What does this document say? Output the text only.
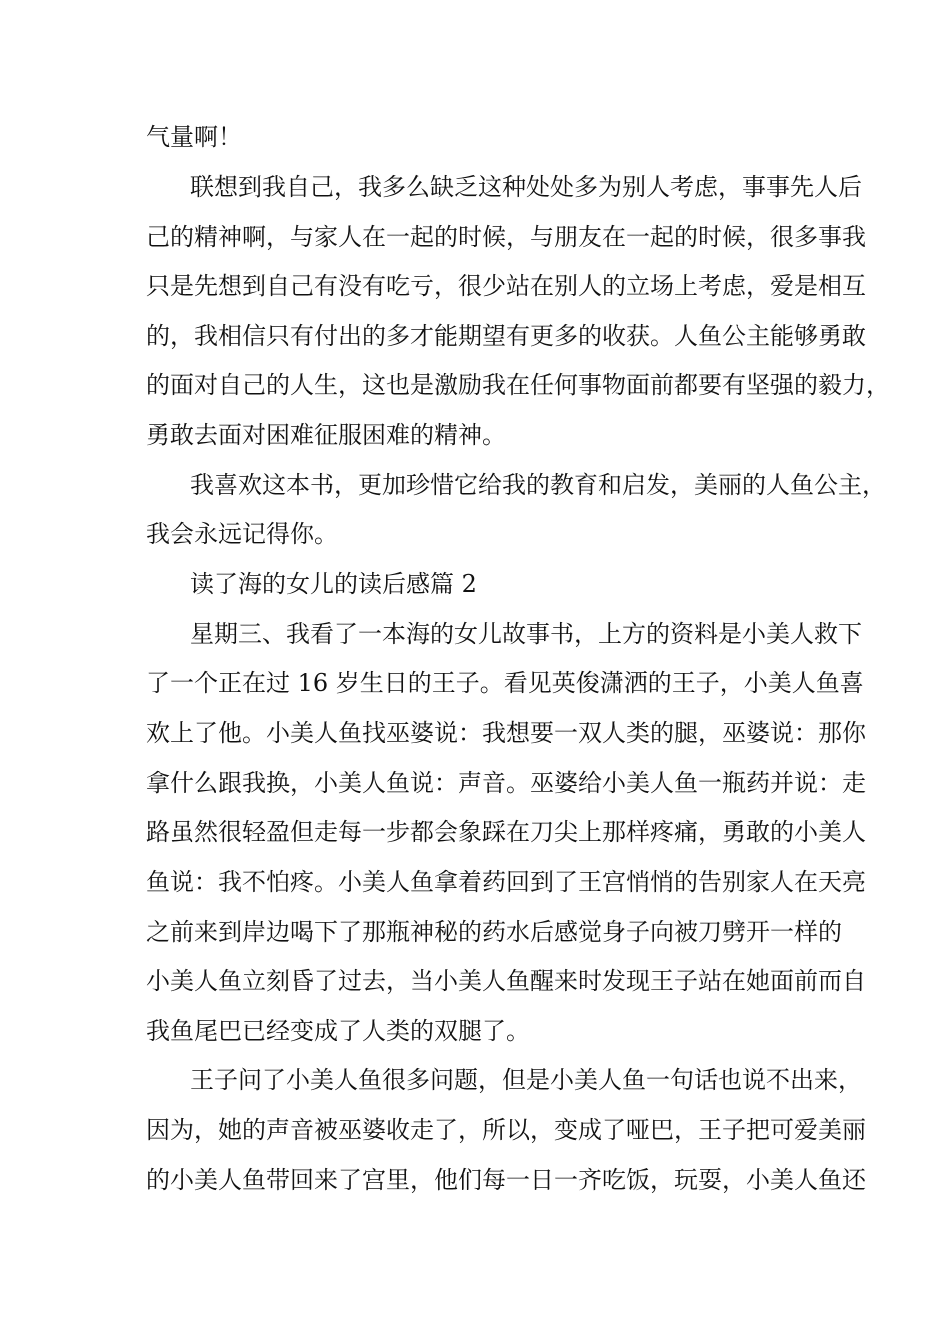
气量啊！
联想到我自己，我多么缺乏这种处处多为别人考虑，事事先人后
己的精神啊，与家人在一起的时候，与朋友在一起的时候，很多事我
只是先想到自己有没有吃亏，很少站在别人的立场上考虑，爱是相互
的，我相信只有付出的多才能期望有更多的收获。人鱼公主能够勇敢
的面对自己的人生，这也是激励我在任何事物面前都要有坚强的毅力，
勇敢去面对困难征服困难的精神。
我喜欢这本书，更加珍惜它给我的教育和启发，美丽的人鱼公主，
我会永远记得你。
读了海的女儿的读后感篇 2
星期三、我看了一本海的女儿故事书，上方的资料是小美人救下
了一个正在过 16 岁生日的王子。看见英俊潇洒的王子，小美人鱼喜
欢上了他。小美人鱼找巫婆说：我想要一双人类的腿，巫婆说：那你
拿什么跟我换，小美人鱼说：声音。巫婆给小美人鱼一瓶药并说：走
路虽然很轻盈但走每一步都会象踩在刀尖上那样疼痛，勇敢的小美人
鱼说：我不怕疼。小美人鱼拿着药回到了王宫悄悄的告别家人在天亮
之前来到岸边喝下了那瓶神秘的药水后感觉身子向被刀劈开一样的
小美人鱼立刻昏了过去，当小美人鱼醒来时发现王子站在她面前而自
我鱼尾巴已经变成了人类的双腿了。
王子问了小美人鱼很多问题，但是小美人鱼一句话也说不出来，
因为，她的声音被巫婆收走了，所以，变成了哑巴，王子把可爱美丽
的小美人鱼带回来了宫里，他们每一日一齐吃饭，玩耍，小美人鱼还
